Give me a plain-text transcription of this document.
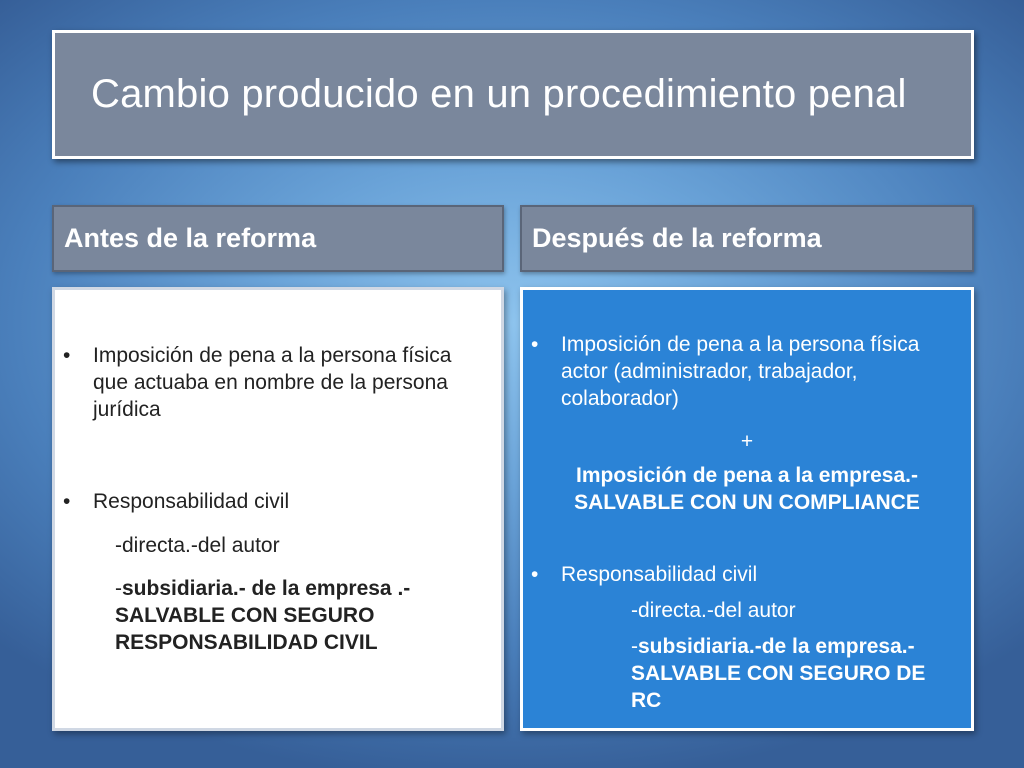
Cambio producido en un procedimiento penal
Antes de la reforma	Después de la reforma
•	Imposición de pena a la persona física que actuaba en nombre de la persona jurídica
•	Responsabilidad civil
-directa.-del autor
-subsidiaria.- de la empresa .- SALVABLE CON SEGURO RESPONSABILIDAD CIVIL
•	Imposición de pena a la persona física actor (administrador, trabajador, colaborador)
+
Imposición de pena a la empresa.- SALVABLE CON UN COMPLIANCE
•	Responsabilidad civil
-directa.-del autor
-subsidiaria.-de la empresa.- SALVABLE CON SEGURO DE RC
